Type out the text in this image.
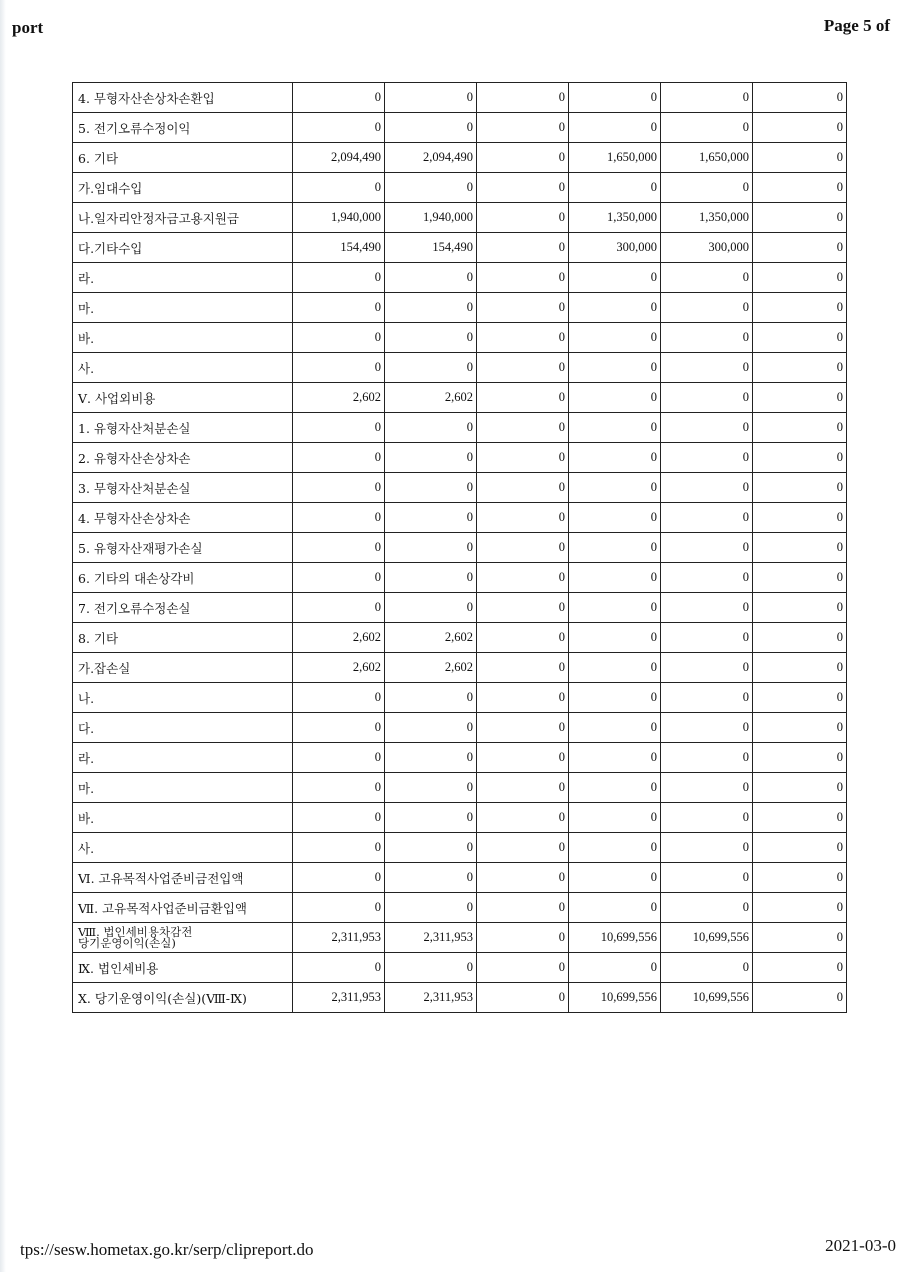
port	Page 5 of
4. 무형자산손상차손환입	0	0	0	0	0	0
5. 전기오류수정이익	0	0	0	0	0	0
6. 기타	2,094,490	2,094,490	0	1,650,000	1,650,000	0
가.임대수입	0	0	0	0	0	0
나.일자리안정자금고용지원금	1,940,000	1,940,000	0	1,350,000	1,350,000	0
다.기타수입	154,490	154,490	0	300,000	300,000	0
라.	0	0	0	0	0	0
마.	0	0	0	0	0	0
바.	0	0	0	0	0	0
사.	0	0	0	0	0	0
Ⅴ. 사업외비용	2,602	2,602	0	0	0	0
1. 유형자산처분손실	0	0	0	0	0	0
2. 유형자산손상차손	0	0	0	0	0	0
3. 무형자산처분손실	0	0	0	0	0	0
4. 무형자산손상차손	0	0	0	0	0	0
5. 유형자산재평가손실	0	0	0	0	0	0
6. 기타의 대손상각비	0	0	0	0	0	0
7. 전기오류수정손실	0	0	0	0	0	0
8. 기타	2,602	2,602	0	0	0	0
가.잡손실	2,602	2,602	0	0	0	0
나.	0	0	0	0	0	0
다.	0	0	0	0	0	0
라.	0	0	0	0	0	0
마.	0	0	0	0	0	0
바.	0	0	0	0	0	0
사.	0	0	0	0	0	0
Ⅵ. 고유목적사업준비금전입액	0	0	0	0	0	0
Ⅶ. 고유목적사업준비금환입액	0	0	0	0	0	0

Ⅷ. 법인세비용차감전
당기운영이익(손실)	2,311,953	2,311,953	0	10,699,556	10,699,556	0
Ⅸ. 법인세비용	0	0	0	0	0	0
Ⅹ. 당기운영이익(손실)(Ⅷ-Ⅸ)	2,311,953	2,311,953	0	10,699,556	10,699,556	0
tps://sesw.hometax.go.kr/serp/clipreport.do	2021-03-0
